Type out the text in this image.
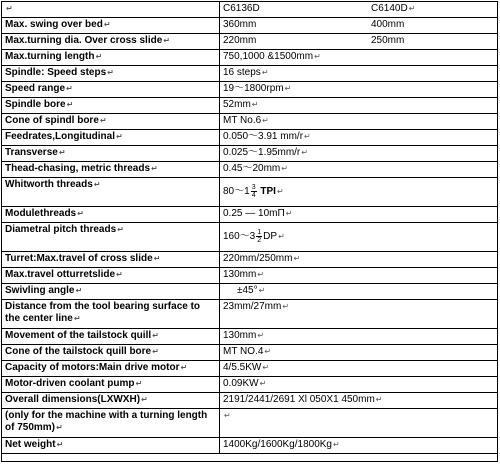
↵	C6136D C6140D↵

Max. swing over bed↵	360mm 400mm

Max.turning dia. Over cross slide↵	220mm 250mm

Max.turning length↵	750,1000 &1500mm↵
Spindle: Speed steps↵	16 steps↵
Speed range↵	19～1800rpm↵
Spindle bore↵	52mm↵
Cone of spindl bore↵	MT No.6↵
Feedrates,Longitudinal↵	0.050～3.91 mm/r↵
Transverse↵	0.025～1.95mm/r↵
Thead-chasing, metric threads↵	0.45～20mm↵
Whitworth threads↵	80～1 $\frac{3}{4}$ TPI↵
Modulethreads↵	0.25 — 10mΠ↵
Diametral pitch threads↵	160～3 $\frac{1}{2}$ DP↵
Turret:Max.travel of cross slide↵	220mm/250mm↵
Max.travel otturretslide↵	130mm↵
Swivling angle↵	±45°↵
Distance from the tool bearing surface to the center line↵	23mm/27mm↵
Movement of the tailstock quill↵	130mm↵
Cone of the tailstock quill bore↵	MT NO.4↵
Capacity of motors:Main drive motor↵	4/5.5KW↵
Motor-driven coolant pump↵	0.09KW↵
Overall dimensions(LXWXH)↵	2191/2441/2691 Xl 050X1 450mm↵
(only for the machine with a turning length of 750mm)↵	↵
Net weight↵	1400Kg/1600Kg/1800Kg↵
